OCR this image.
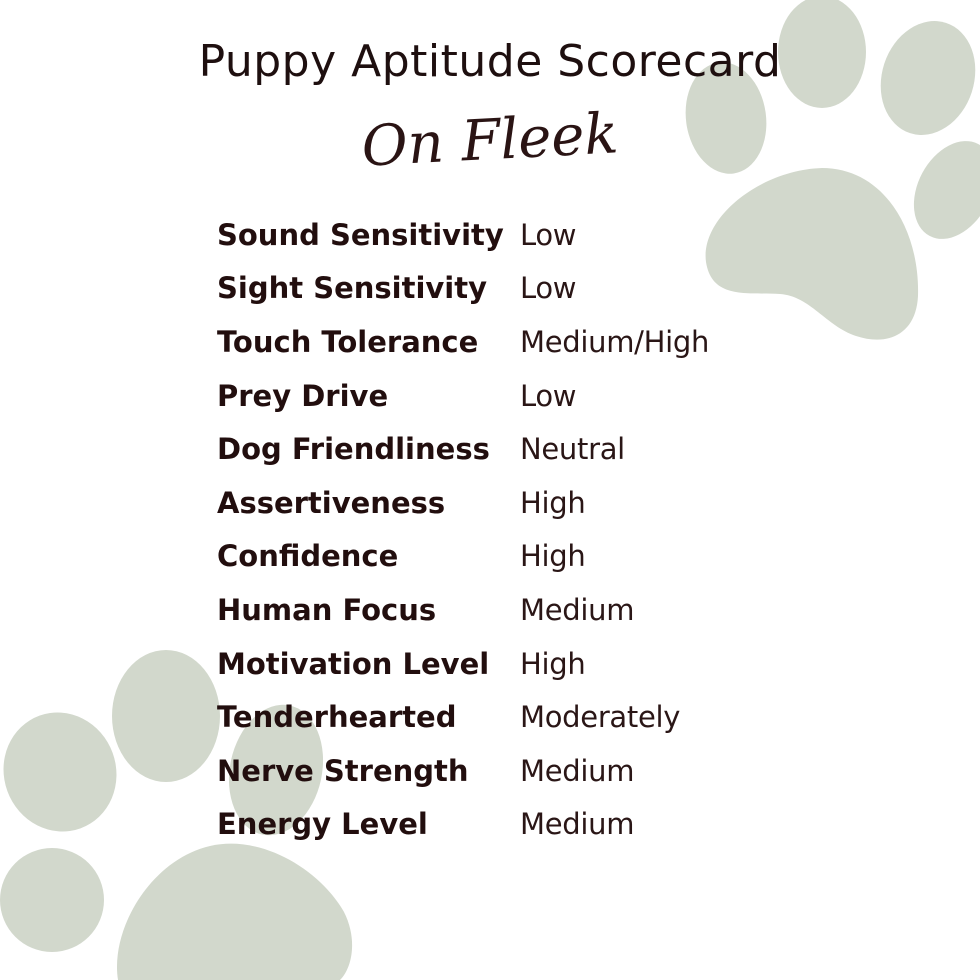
Puppy Aptitude Scorecard
On Fleek
Sound Sensitivity Low
Sight Sensitivity	Low
Touch Tolerance	Medium/High
Prey Drive	Low
Dog Friendliness	Neutral
Assertiveness	High
Confidence	High
Human Focus	Medium
Motivation Level	High
Tenderhearted	Moderately
Nerve Strength	Medium
Energy Level	Medium
